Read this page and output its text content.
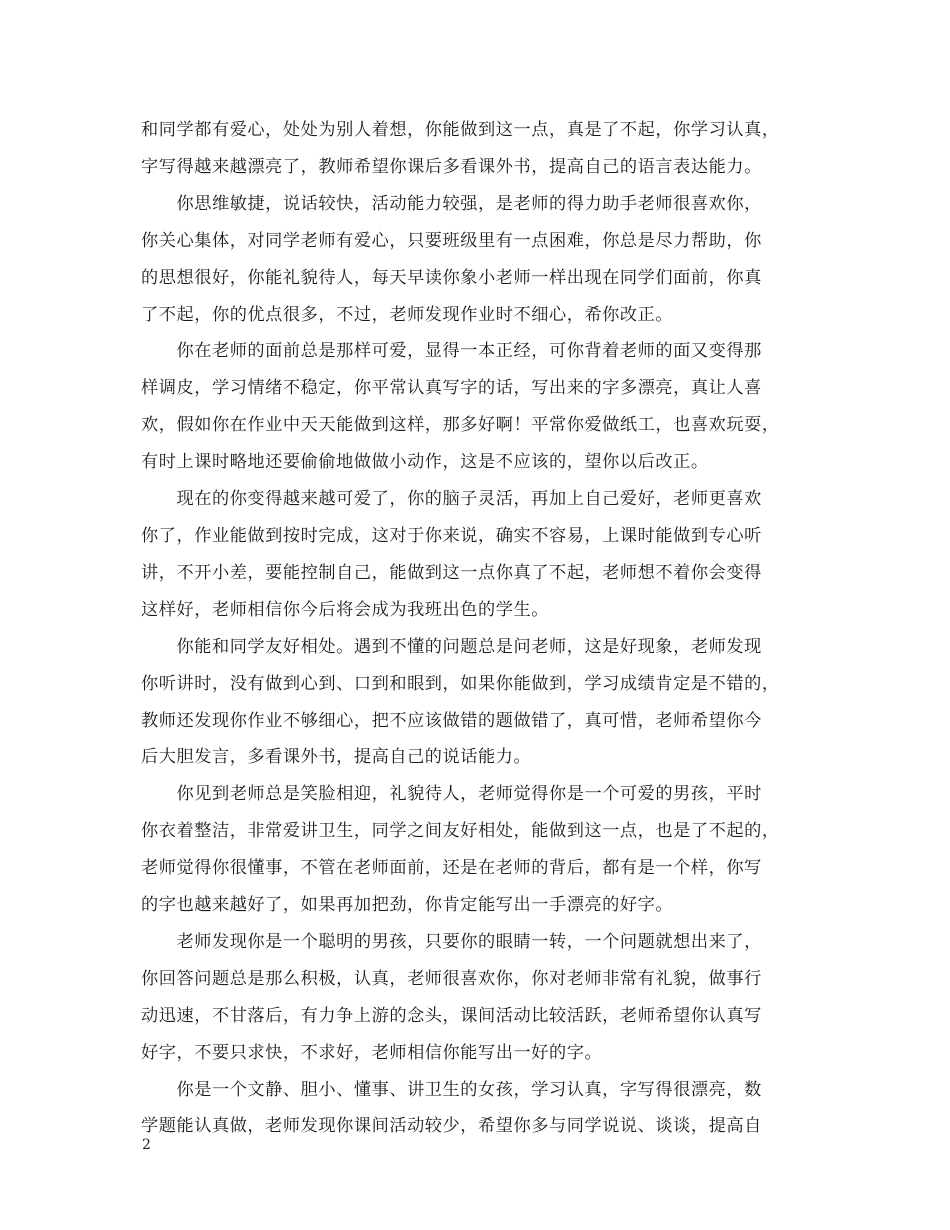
和同学都有爱心，处处为别人着想，你能做到这一点，真是了不起，你学习认真，
字写得越来越漂亮了，教师希望你课后多看课外书，提高自己的语言表达能力。

　　你思维敏捷，说话较快，活动能力较强，是老师的得力助手老师很喜欢你，
你关心集体，对同学老师有爱心，只要班级里有一点困难，你总是尽力帮助，你
的思想很好，你能礼貌待人，每天早读你象小老师一样出现在同学们面前，你真
了不起，你的优点很多，不过，老师发现作业时不细心，希你改正。

　　你在老师的面前总是那样可爱，显得一本正经，可你背着老师的面又变得那
样调皮，学习情绪不稳定，你平常认真写字的话，写出来的字多漂亮，真让人喜
欢，假如你在作业中天天能做到这样，那多好啊！平常你爱做纸工，也喜欢玩耍，
有时上课时略地还要偷偷地做做小动作，这是不应该的，望你以后改正。

　　现在的你变得越来越可爱了，你的脑子灵活，再加上自己爱好，老师更喜欢
你了，作业能做到按时完成，这对于你来说，确实不容易，上课时能做到专心听
讲，不开小差，要能控制自己，能做到这一点你真了不起，老师想不着你会变得
这样好，老师相信你今后将会成为我班出色的学生。

　　你能和同学友好相处。遇到不懂的问题总是问老师，这是好现象，老师发现
你听讲时，没有做到心到、口到和眼到，如果你能做到，学习成绩肯定是不错的，
教师还发现你作业不够细心，把不应该做错的题做错了，真可惜，老师希望你今
后大胆发言，多看课外书，提高自己的说话能力。

　　你见到老师总是笑脸相迎，礼貌待人，老师觉得你是一个可爱的男孩，平时
你衣着整洁，非常爱讲卫生，同学之间友好相处，能做到这一点，也是了不起的，
老师觉得你很懂事，不管在老师面前，还是在老师的背后，都有是一个样，你写
的字也越来越好了，如果再加把劲，你肯定能写出一手漂亮的好字。

　　老师发现你是一个聪明的男孩，只要你的眼睛一转，一个问题就想出来了，
你回答问题总是那么积极，认真，老师很喜欢你，你对老师非常有礼貌，做事行
动迅速，不甘落后，有力争上游的念头，课间活动比较活跃，老师希望你认真写
好字，不要只求快，不求好，老师相信你能写出一好的字。

　　你是一个文静、胆小、懂事、讲卫生的女孩，学习认真，字写得很漂亮，数
学题能认真做，老师发现你课间活动较少，希望你多与同学说说、谈谈，提高自

2
